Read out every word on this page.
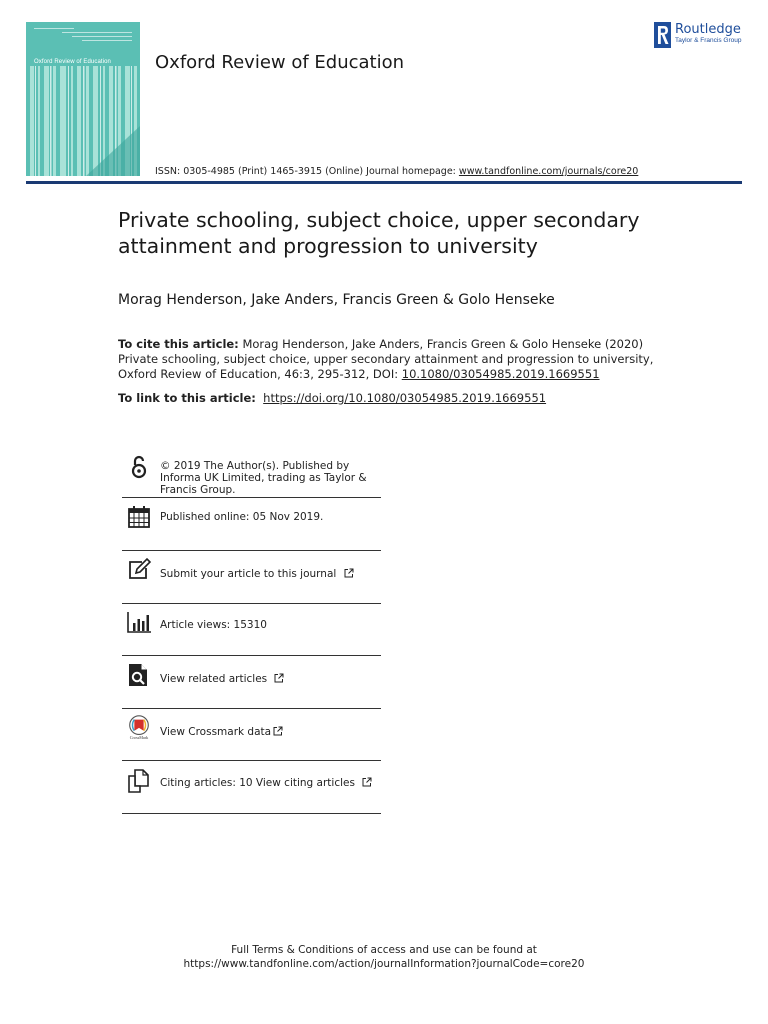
Oxford Review of Education Oxford Review of Education
Routledge
Taylor & Francis Group
ISSN: 0305-4985 (Print) 1465-3915 (Online) Journal homepage: www.tandfonline.com/journals/core20
Private schooling, subject choice, upper secondary attainment and progression to university
Morag Henderson, Jake Anders, Francis Green & Golo Henseke
To cite this article: Morag Henderson, Jake Anders, Francis Green & Golo Henseke (2020) Private schooling, subject choice, upper secondary attainment and progression to university, Oxford Review of Education, 46:3, 295-312, DOI: 10.1080/03054985.2019.1669551
To link to this article: https://doi.org/10.1080/03054985.2019.1669551
© 2019 The Author(s). Published by Informa UK Limited, trading as Taylor & Francis Group.
Published online: 05 Nov 2019.
Submit your article to this journal
Article views: 15310
View related articles
CrossMark View Crossmark data
Citing articles: 10 View citing articles
Full Terms & Conditions of access and use can be found at
https://www.tandfonline.com/action/journalInformation?journalCode=core20
